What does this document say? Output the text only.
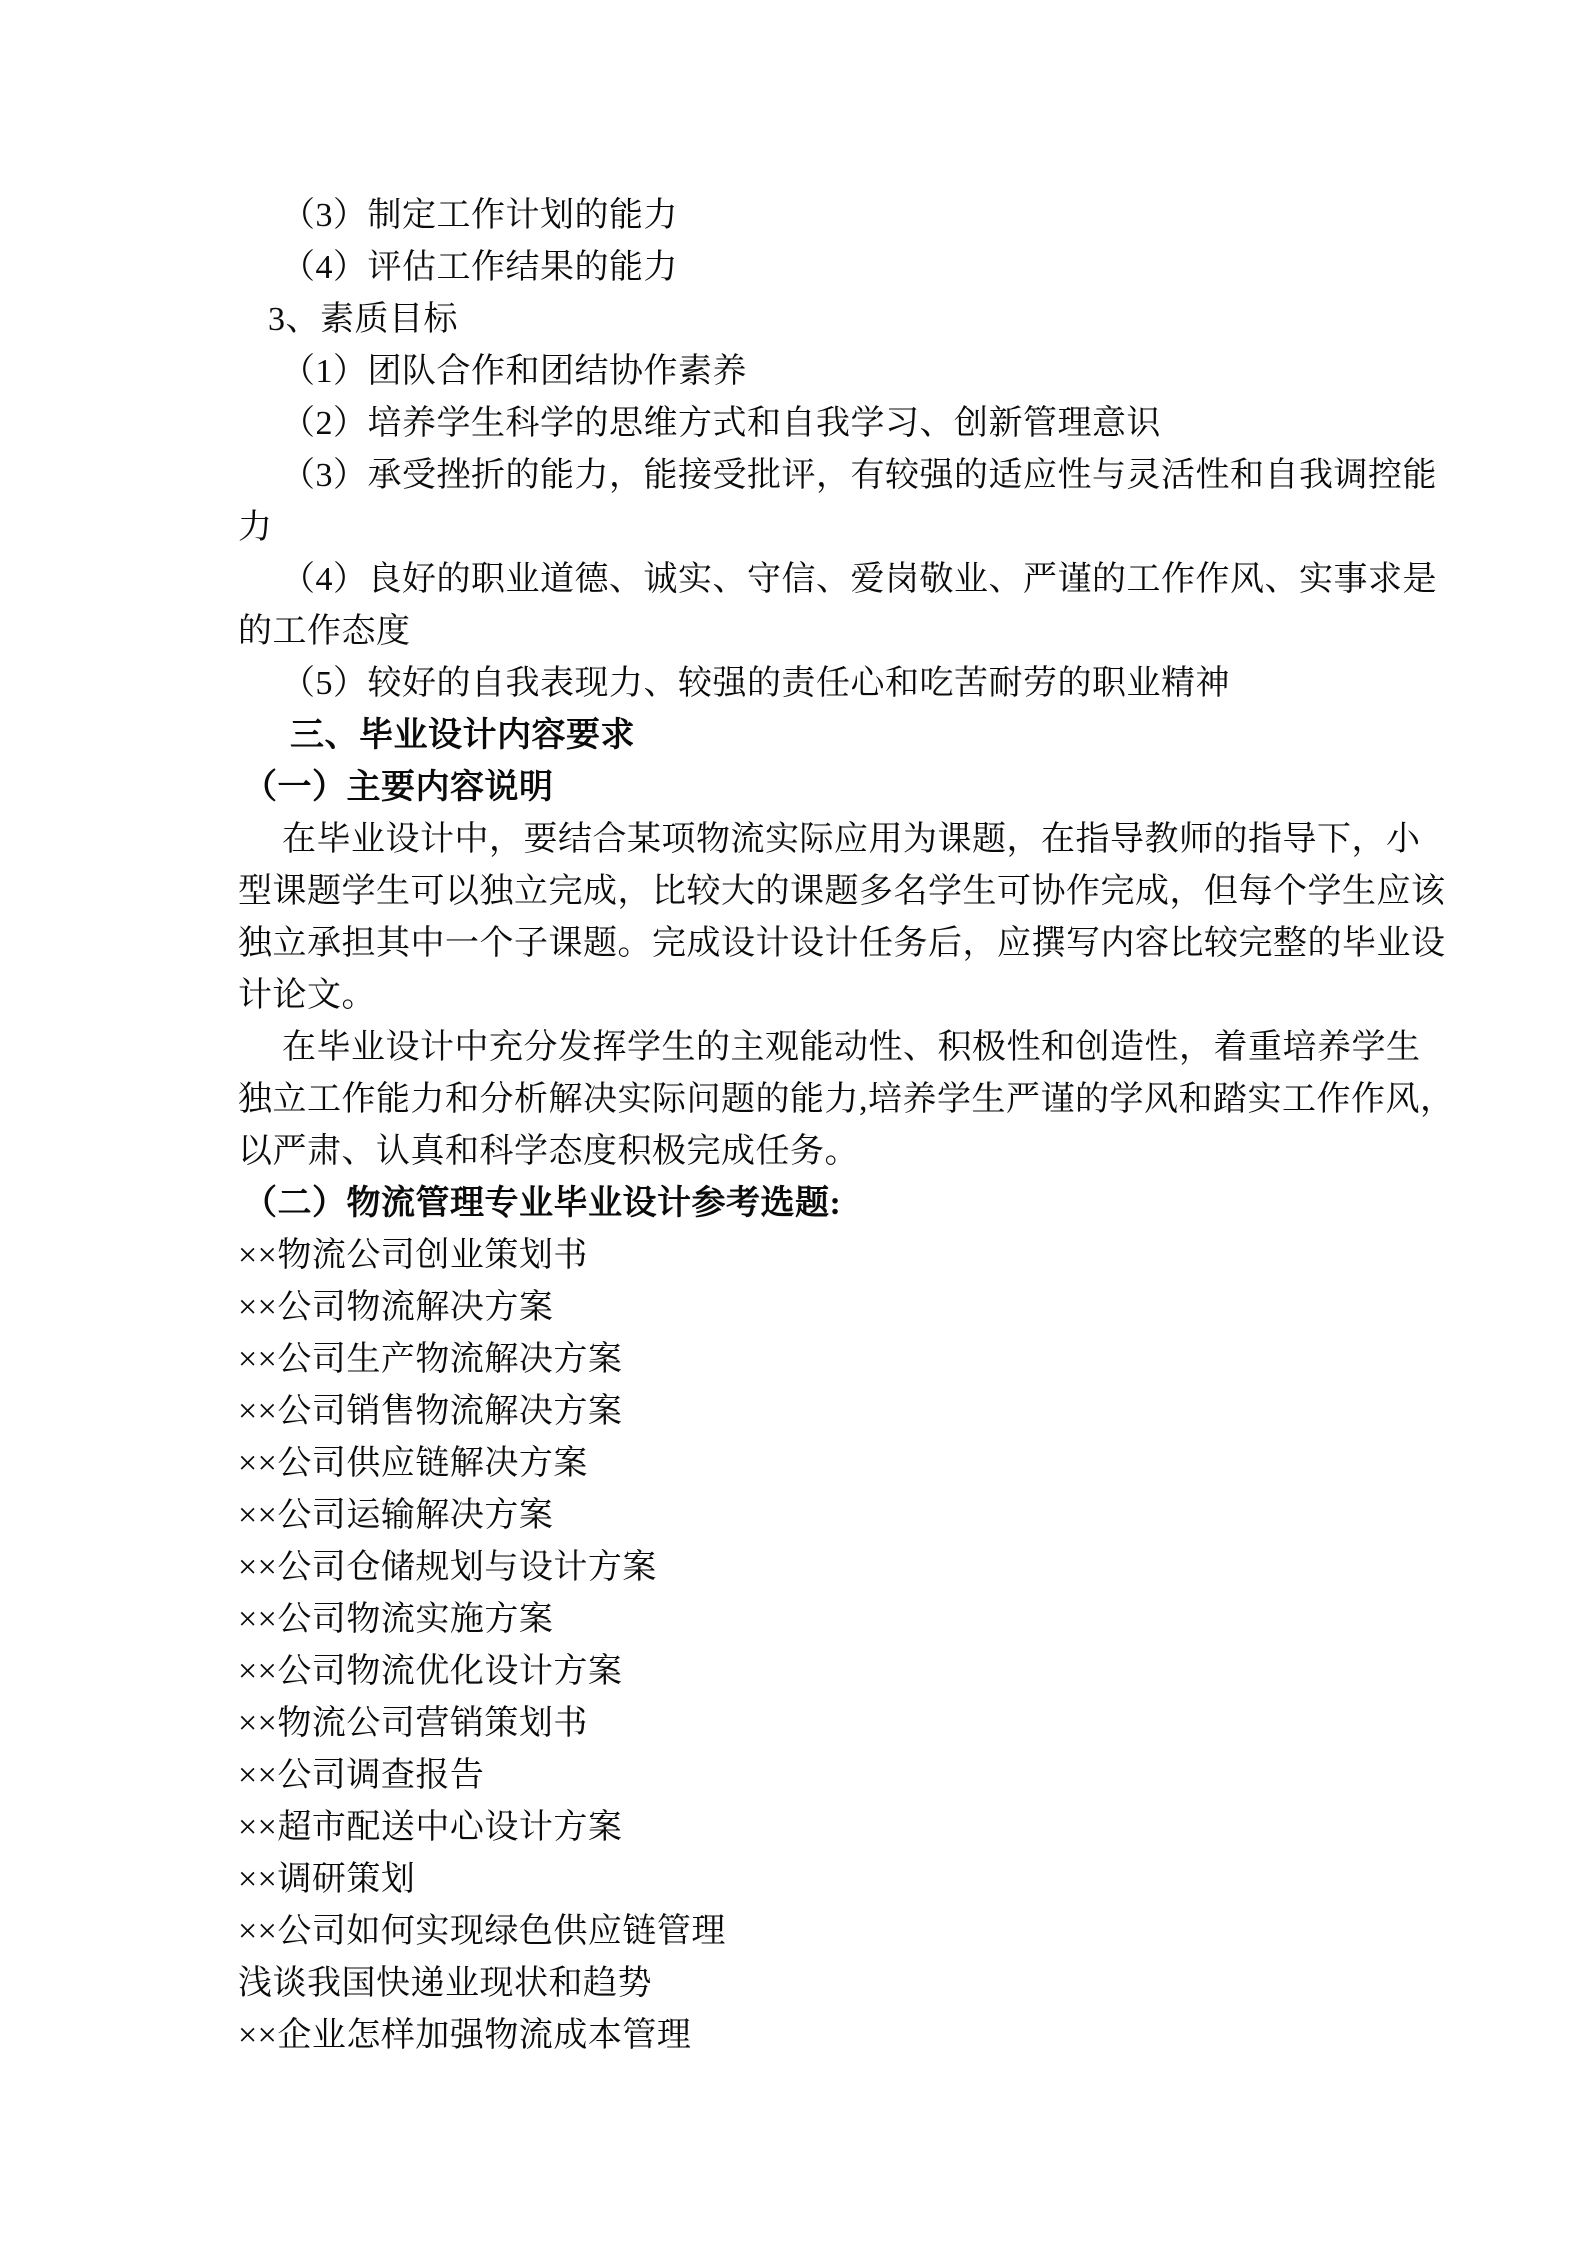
（3）制定工作计划的能力
（4）评估工作结果的能力
3、素质目标
（1）团队合作和团结协作素养
（2）培养学生科学的思维方式和自我学习、创新管理意识
（3）承受挫折的能力，能接受批评，有较强的适应性与灵活性和自我调控能
力
（4）良好的职业道德、诚实、守信、爱岗敬业、严谨的工作作风、实事求是
的工作态度
（5）较好的自我表现力、较强的责任心和吃苦耐劳的职业精神
三、毕业设计内容要求
（一）主要内容说明
在毕业设计中，要结合某项物流实际应用为课题，在指导教师的指导下，小
型课题学生可以独立完成，比较大的课题多名学生可协作完成，但每个学生应该
独立承担其中一个子课题。完成设计设计任务后，应撰写内容比较完整的毕业设
计论文。
在毕业设计中充分发挥学生的主观能动性、积极性和创造性，着重培养学生
独立工作能力和分析解决实际问题的能力,培养学生严谨的学风和踏实工作作风，
以严肃、认真和科学态度积极完成任务。
（二）物流管理专业毕业设计参考选题:
××物流公司创业策划书
××公司物流解决方案
××公司生产物流解决方案
××公司销售物流解决方案
××公司供应链解决方案
××公司运输解决方案
××公司仓储规划与设计方案
××公司物流实施方案
××公司物流优化设计方案
××物流公司营销策划书
××公司调查报告
××超市配送中心设计方案
××调研策划
××公司如何实现绿色供应链管理
浅谈我国快递业现状和趋势
××企业怎样加强物流成本管理
